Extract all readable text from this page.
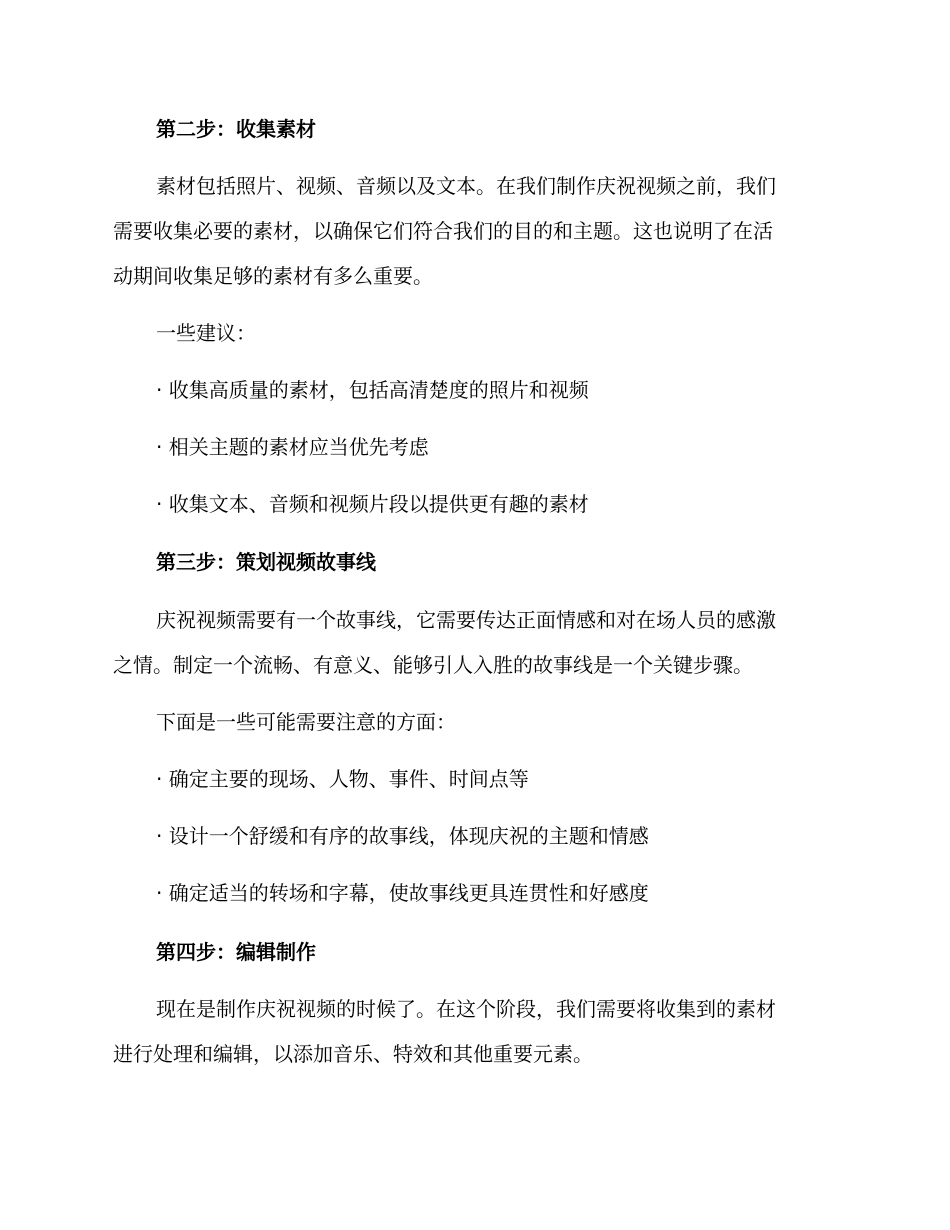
第二步：收集素材
素材包括照片、视频、音频以及文本。在我们制作庆祝视频之前，我们
需要收集必要的素材，以确保它们符合我们的目的和主题。这也说明了在活
动期间收集足够的素材有多么重要。
一些建议：
· 收集高质量的素材，包括高清楚度的照片和视频
· 相关主题的素材应当优先考虑
· 收集文本、音频和视频片段以提供更有趣的素材
第三步：策划视频故事线
庆祝视频需要有一个故事线，它需要传达正面情感和对在场人员的感激
之情。制定一个流畅、有意义、能够引人入胜的故事线是一个关键步骤。
下面是一些可能需要注意的方面：
· 确定主要的现场、人物、事件、时间点等
· 设计一个舒缓和有序的故事线，体现庆祝的主题和情感
· 确定适当的转场和字幕，使故事线更具连贯性和好感度
第四步：编辑制作
现在是制作庆祝视频的时候了。在这个阶段，我们需要将收集到的素材
进行处理和编辑，以添加音乐、特效和其他重要元素。
